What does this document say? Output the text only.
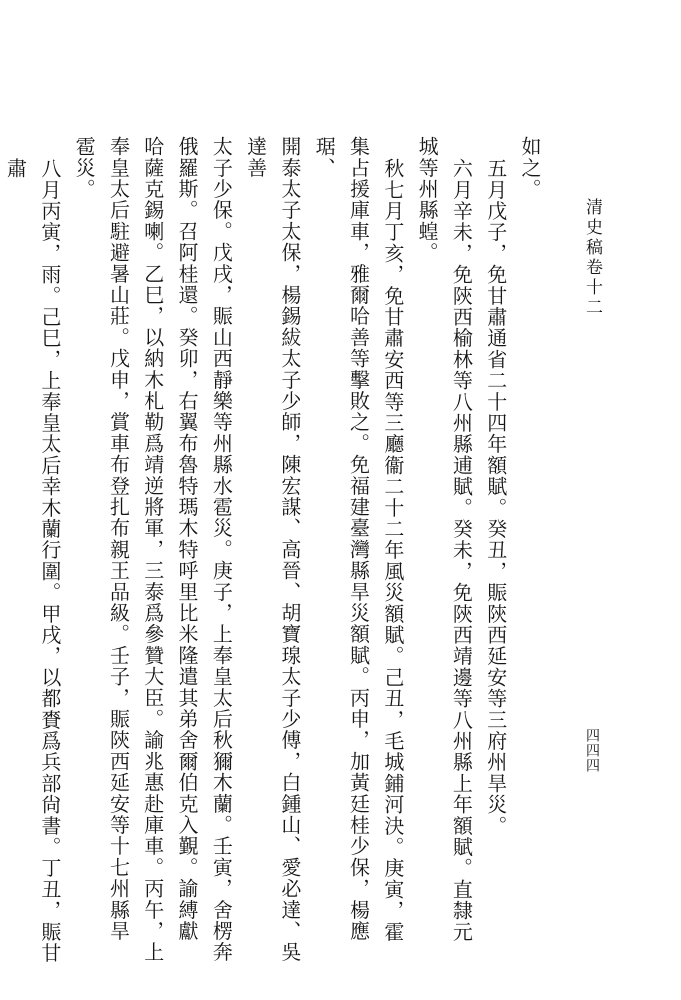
清史稿卷十二
四四四
如之。
五月戊子，免甘肅通省二十四年額賦。癸丑，賑陝西延安等三府州旱災。
六月辛未，免陝西榆林等八州縣逋賦。癸未，免陝西靖邊等八州縣上年額賦。直隸元
城等州縣蝗。
秋七月丁亥，免甘肅安西等三廳衞二十二年風災額賦。己丑，毛城鋪河決。庚寅，霍
集占援庫車，雅爾哈善等擊敗之。免福建臺灣縣旱災額賦。丙申，加黃廷桂少保，楊應琚、
開泰太子太保，楊錫紱太子少師，陳宏謀、高晉、胡寶瑔太子少傅，白鍾山、愛必達、吳達善
太子少保。戊戌，賑山西靜樂等州縣水雹災。庚子，上奉皇太后秋獮木蘭。壬寅，舍楞奔
俄羅斯。召阿桂還。癸卯，右翼布魯特瑪木特呼里比米隆遣其弟舍爾伯克入覲。諭縛獻
哈薩克錫喇。乙巳，以納木札勒爲靖逆將軍，三泰爲參贊大臣。諭兆惠赴庫車。丙午，上
奉皇太后駐避暑山莊。戊申，賞車布登扎布親王品級。壬子，賑陝西延安等十七州縣旱
雹災。
八月丙寅，雨。己巳，上奉皇太后幸木蘭行圍。甲戌，以都賚爲兵部尙書。丁丑，賑甘肅
